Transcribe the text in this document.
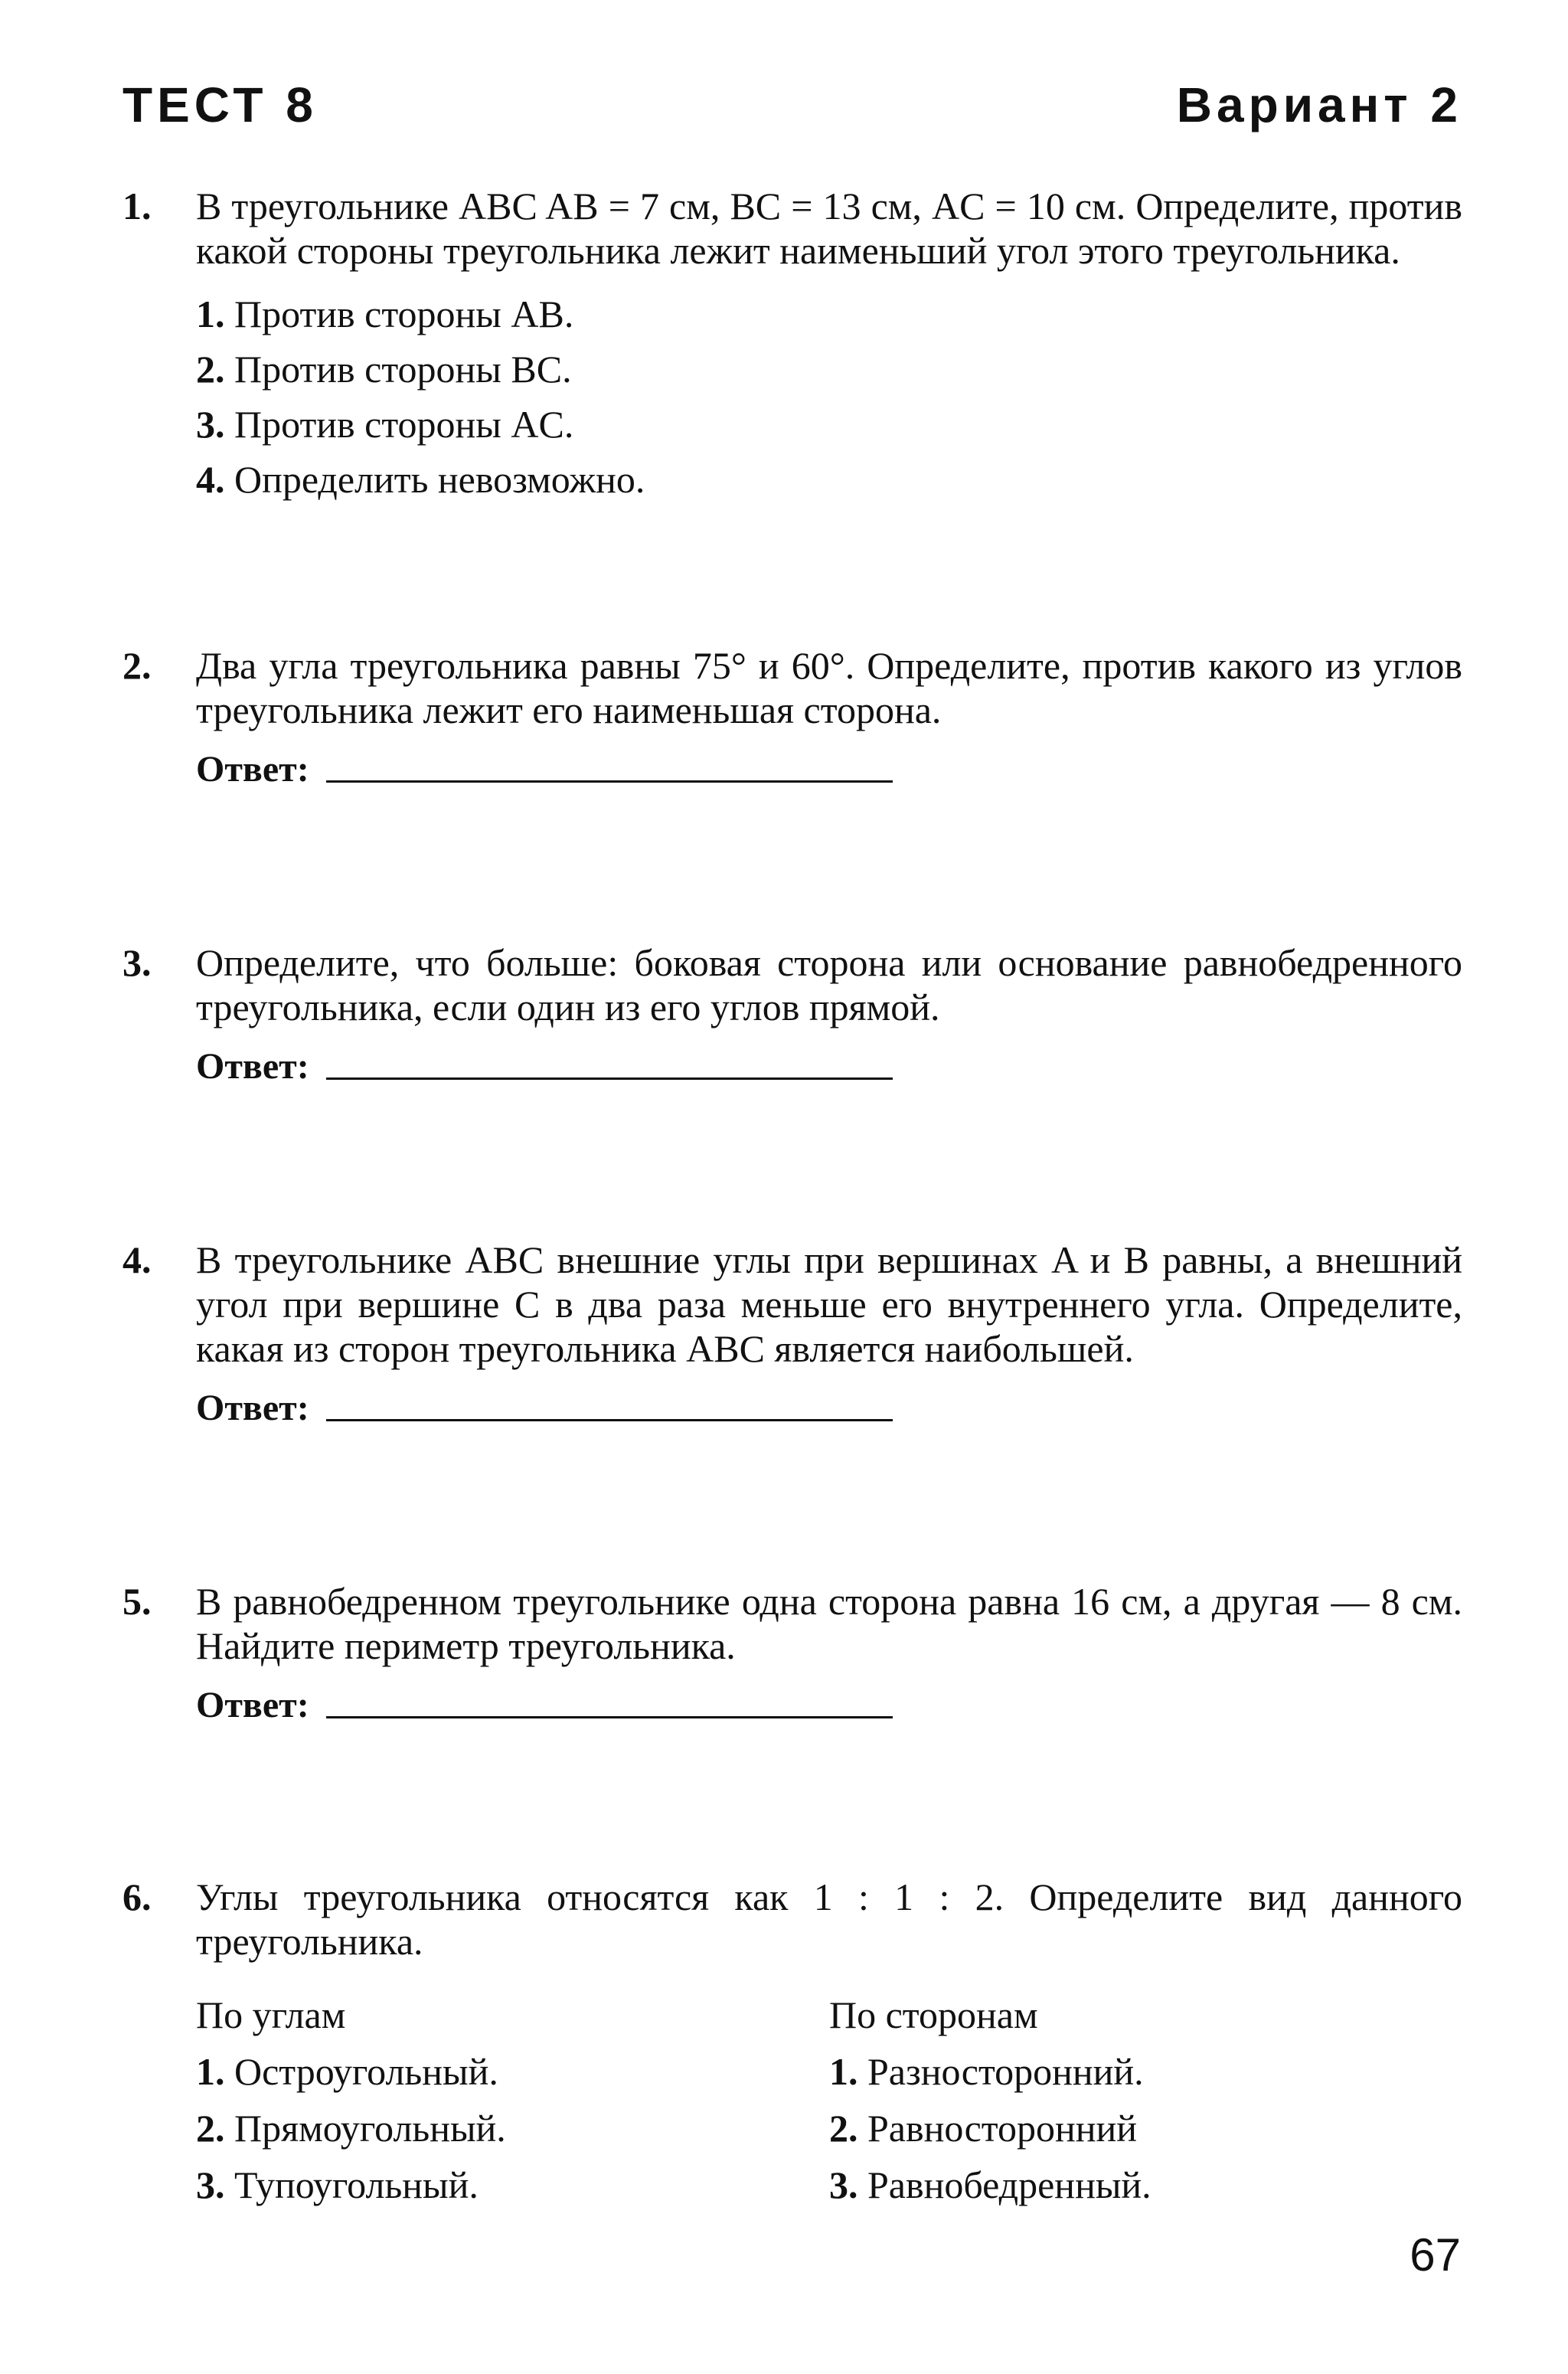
ТЕСТ 8	Вариант 2
1. В треугольнике ABC AB = 7 см, BC = 13 см, AC = 10 см. Определите, против какой стороны треугольника лежит наименьший угол этого треугольника.
1. Против стороны AB.
2. Против стороны BC.
3. Против стороны AC.
4. Определить невозможно.
2. Два угла треугольника равны 75° и 60°. Определите, против какого из углов треугольника лежит его наименьшая сторона.
Ответ:
3. Определите, что больше: боковая сторона или основание равнобедренного треугольника, если один из его углов прямой.
Ответ:
4. В треугольнике ABC внешние углы при вершинах A и B равны, а внешний угол при вершине C в два раза меньше его внутреннего угла. Определите, какая из сторон треугольника ABC является наибольшей.
Ответ:
5. В равнобедренном треугольнике одна сторона равна 16 см, а другая — 8 см. Найдите периметр треугольника.
Ответ:
6. Углы треугольника относятся как 1 : 1 : 2. Определите вид данного треугольника.
По углам
1. Остроугольный.
2. Прямоугольный.
3. Тупоугольный.
По сторонам
1. Разносторонний.
2. Равносторонний
3. Равнобедренный.
67
